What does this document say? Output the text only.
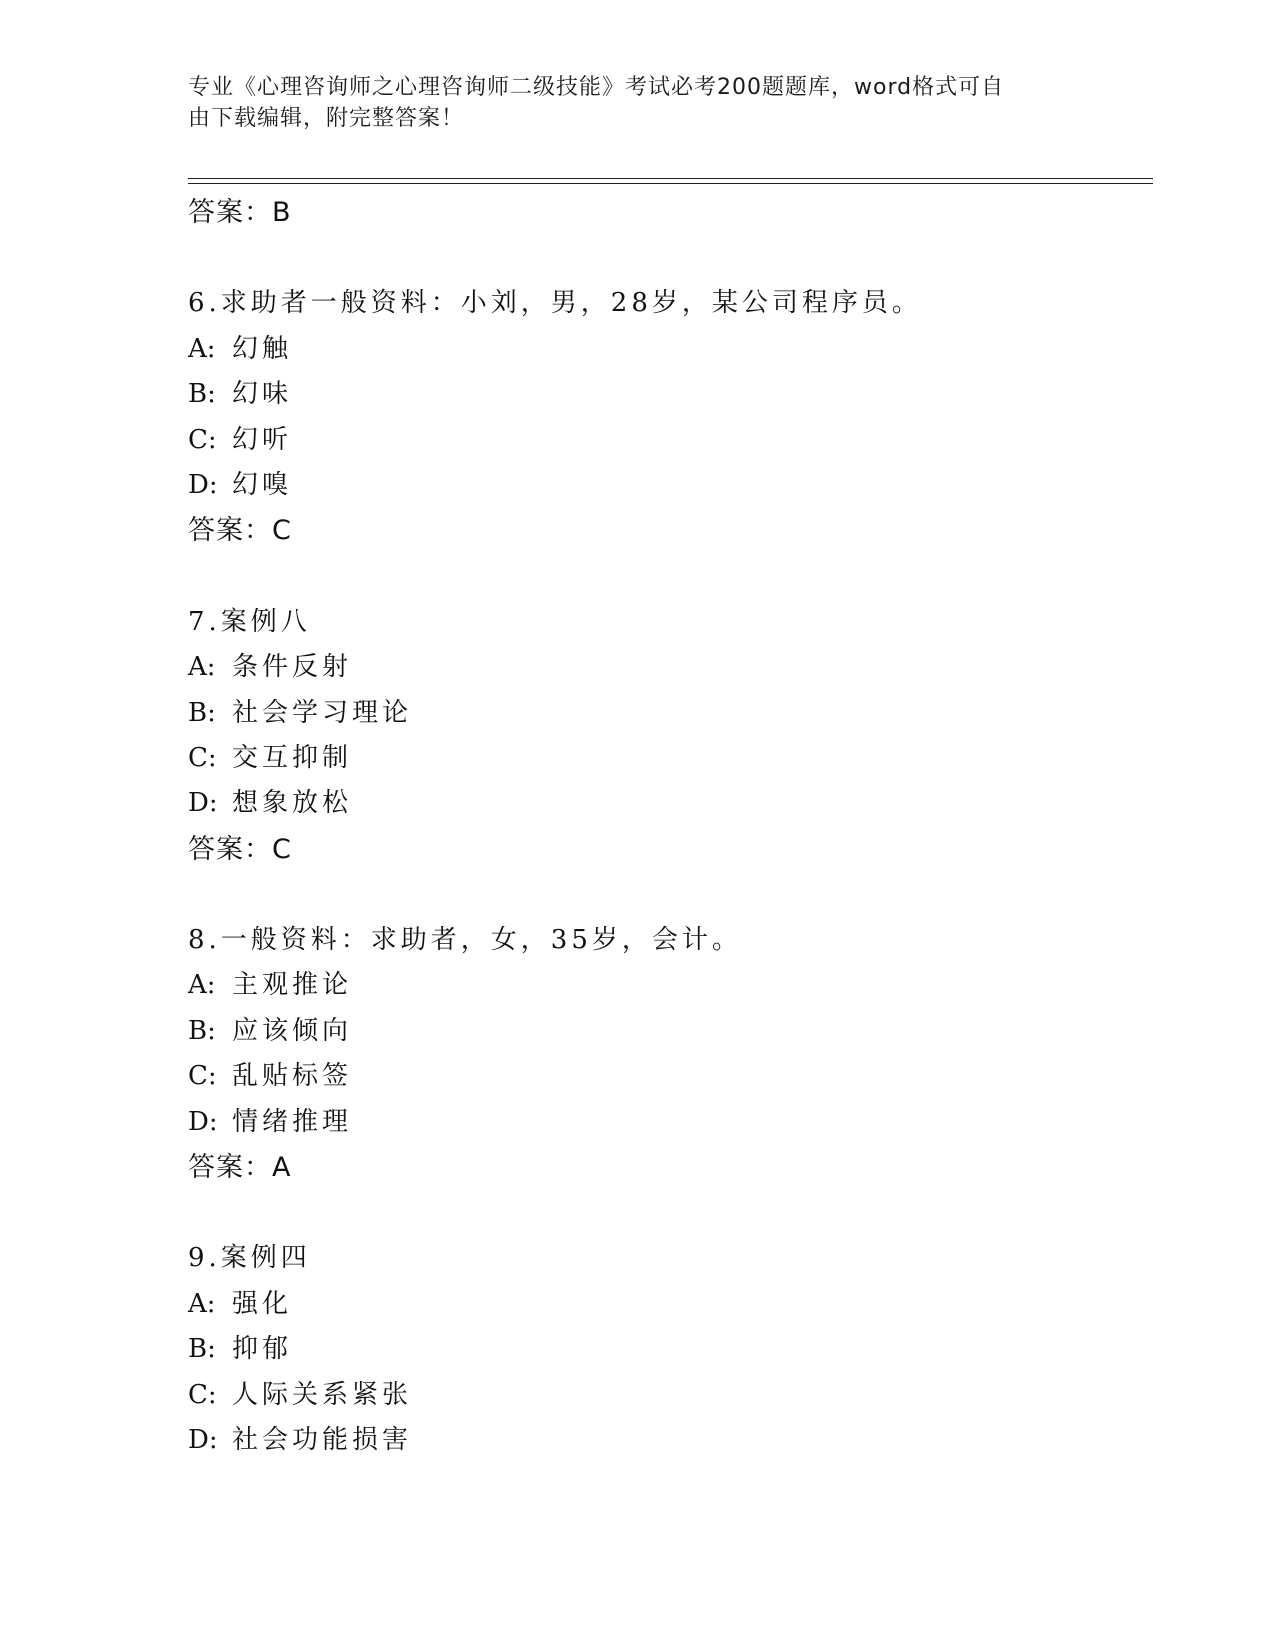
专业《心理咨询师之心理咨询师二级技能》考试必考200题题库，word格式可自
由下载编辑，附完整答案！
答案：B
6.求助者一般资料：小刘，男，28岁，某公司程序员。
A: 幻触
B: 幻味
C: 幻听
D: 幻嗅
答案：C
7.案例八
A: 条件反射
B: 社会学习理论
C: 交互抑制
D: 想象放松
答案：C
8.一般资料：求助者，女，35岁，会计。
A: 主观推论
B: 应该倾向
C: 乱贴标签
D: 情绪推理
答案：A
9.案例四
A: 强化
B: 抑郁
C: 人际关系紧张
D: 社会功能损害
